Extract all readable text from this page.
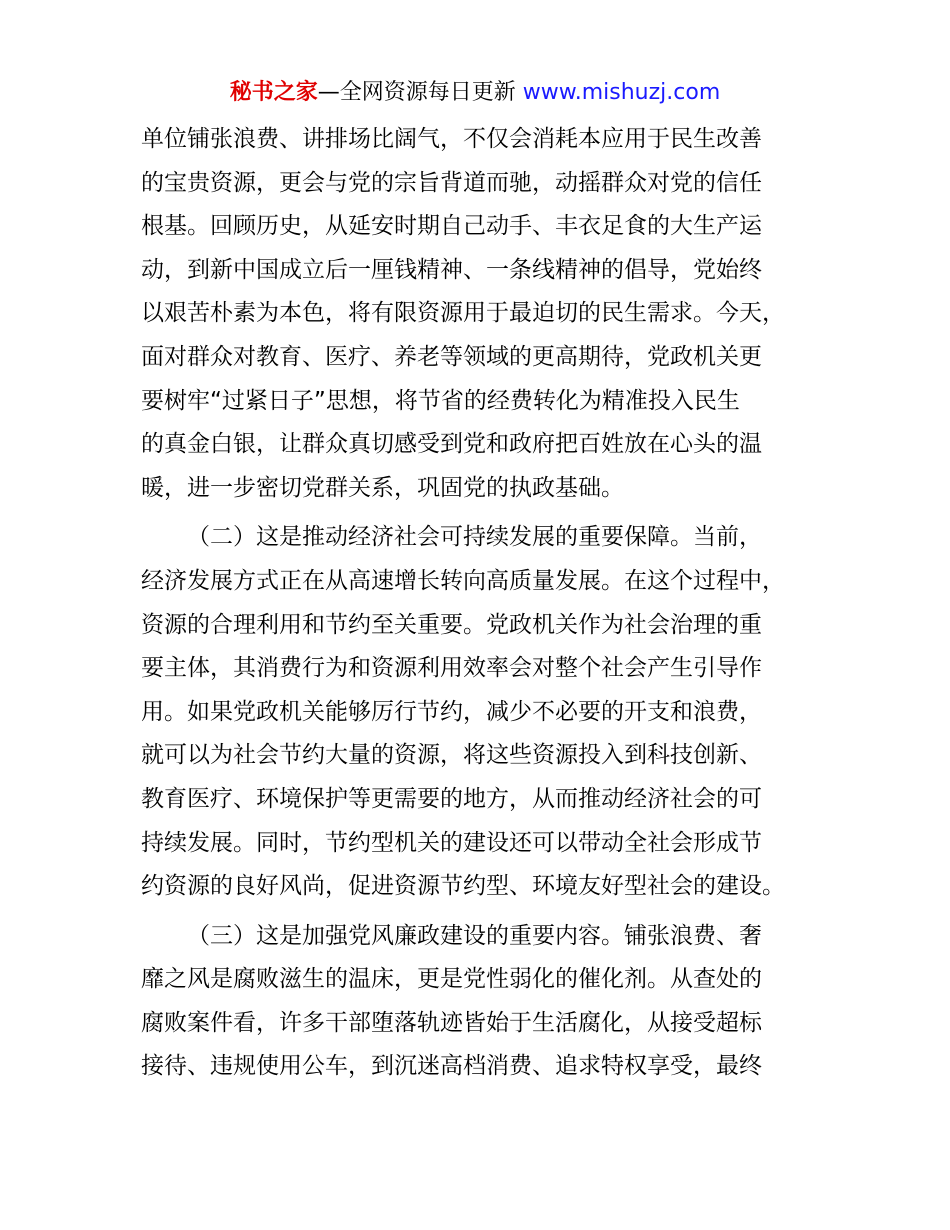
秘书之家—全网资源每日更新 www.mishuzj.com
单位铺张浪费、讲排场比阔气，不仅会消耗本应用于民生改善
的宝贵资源，更会与党的宗旨背道而驰，动摇群众对党的信任
根基。回顾历史，从延安时期自己动手、丰衣足食的大生产运
动，到新中国成立后一厘钱精神、一条线精神的倡导，党始终
以艰苦朴素为本色，将有限资源用于最迫切的民生需求。今天，
面对群众对教育、医疗、养老等领域的更高期待，党政机关更
要树牢“过紧日子”思想，将节省的经费转化为精准投入民生
的真金白银，让群众真切感受到党和政府把百姓放在心头的温
暖，进一步密切党群关系，巩固党的执政基础。
（二）这是推动经济社会可持续发展的重要保障。当前，
经济发展方式正在从高速增长转向高质量发展。在这个过程中，
资源的合理利用和节约至关重要。党政机关作为社会治理的重
要主体，其消费行为和资源利用效率会对整个社会产生引导作
用。如果党政机关能够厉行节约，减少不必要的开支和浪费，
就可以为社会节约大量的资源，将这些资源投入到科技创新、
教育医疗、环境保护等更需要的地方，从而推动经济社会的可
持续发展。同时，节约型机关的建设还可以带动全社会形成节
约资源的良好风尚，促进资源节约型、环境友好型社会的建设。
（三）这是加强党风廉政建设的重要内容。铺张浪费、奢
靡之风是腐败滋生的温床，更是党性弱化的催化剂。从查处的
腐败案件看，许多干部堕落轨迹皆始于生活腐化，从接受超标
接待、违规使用公车，到沉迷高档消费、追求特权享受，最终
